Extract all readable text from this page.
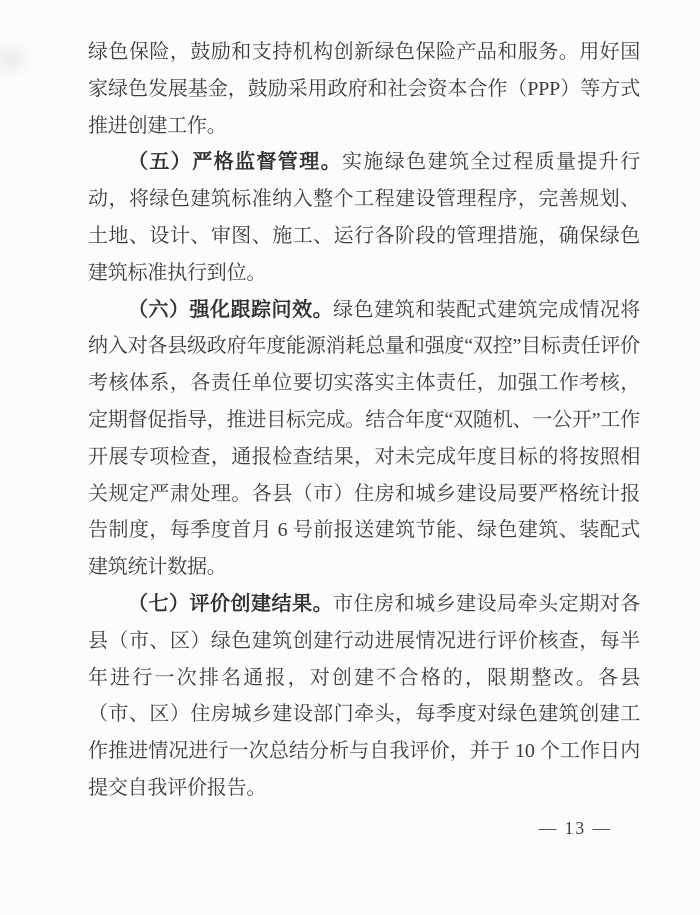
绿色保险，鼓励和支持机构创新绿色保险产品和服务。用好国家绿色发展基金，鼓励采用政府和社会资本合作（PPP）等方式推进创建工作。

（五）严格监督管理。实施绿色建筑全过程质量提升行动，将绿色建筑标准纳入整个工程建设管理程序，完善规划、土地、设计、审图、施工、运行各阶段的管理措施，确保绿色建筑标准执行到位。

（六）强化跟踪问效。绿色建筑和装配式建筑完成情况将纳入对各县级政府年度能源消耗总量和强度“双控”目标责任评价考核体系，各责任单位要切实落实主体责任，加强工作考核，定期督促指导，推进目标完成。结合年度“双随机、一公开”工作开展专项检查，通报检查结果，对未完成年度目标的将按照相关规定严肃处理。各县（市）住房和城乡建设局要严格统计报告制度，每季度首月 6 号前报送建筑节能、绿色建筑、装配式建筑统计数据。

（七）评价创建结果。市住房和城乡建设局牵头定期对各县（市、区）绿色建筑创建行动进展情况进行评价核查，每半年进行一次排名通报，对创建不合格的，限期整改。各县（市、区）住房城乡建设部门牵头，每季度对绿色建筑创建工作推进情况进行一次总结分析与自我评价，并于 10 个工作日内提交自我评价报告。

— 13 —
